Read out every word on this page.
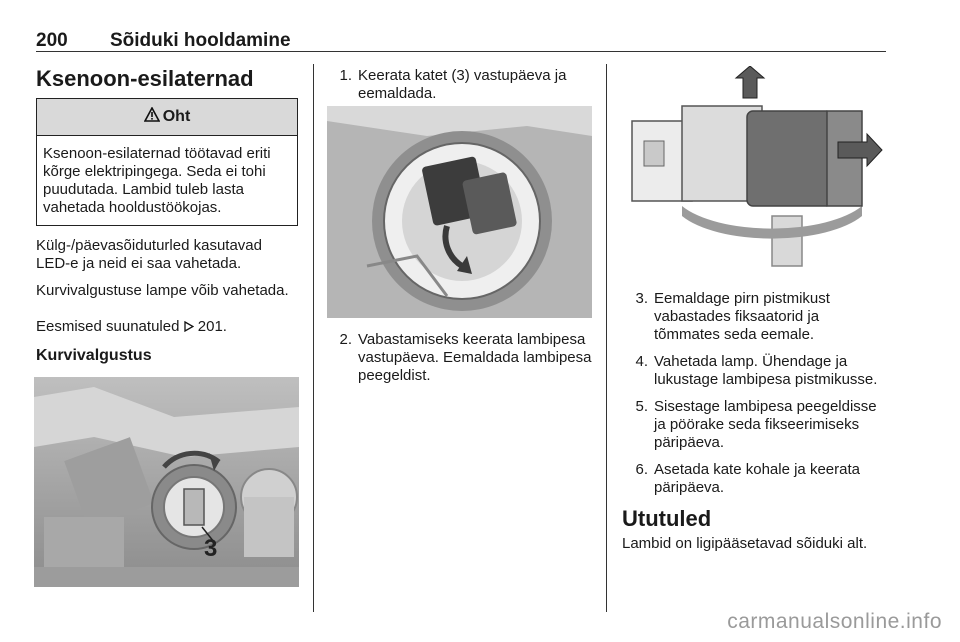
200 Sõiduki hooldamine
Ksenoon-esilaternad
Oht
Ksenoon-esilaternad töötavad eriti kõrge elektripingega. Seda ei tohi puudutada. Lambid tuleb lasta vahetada hooldustöökojas.

Külg-/päevasõiduturled kasutavad LED-e ja neid ei saa vahetada.

Kurvivalgustuse lampe võib vahetada.

Eesmised suunatuled 201.

Kurvivalgustus
3
1. Keerata katet (3) vastupäeva ja eemaldada.
2. Vabastamiseks keerata lambipesa vastupäeva. Eemaldada lambipesa peegeldist.
3. Eemaldage pirn pistmikust vabastades fiksaatorid ja tõmmates seda eemale.
4. Vahetada lamp. Ühendage ja lukustage lambipesa pistmikusse.
5. Sisestage lambipesa peegeldisse ja pöörake seda fikseerimiseks päripäeva.
6. Asetada kate kohale ja keerata päripäeva.
Ututuled

Lambid on ligipääsetavad sõiduki alt.

carmanualsonline.info
